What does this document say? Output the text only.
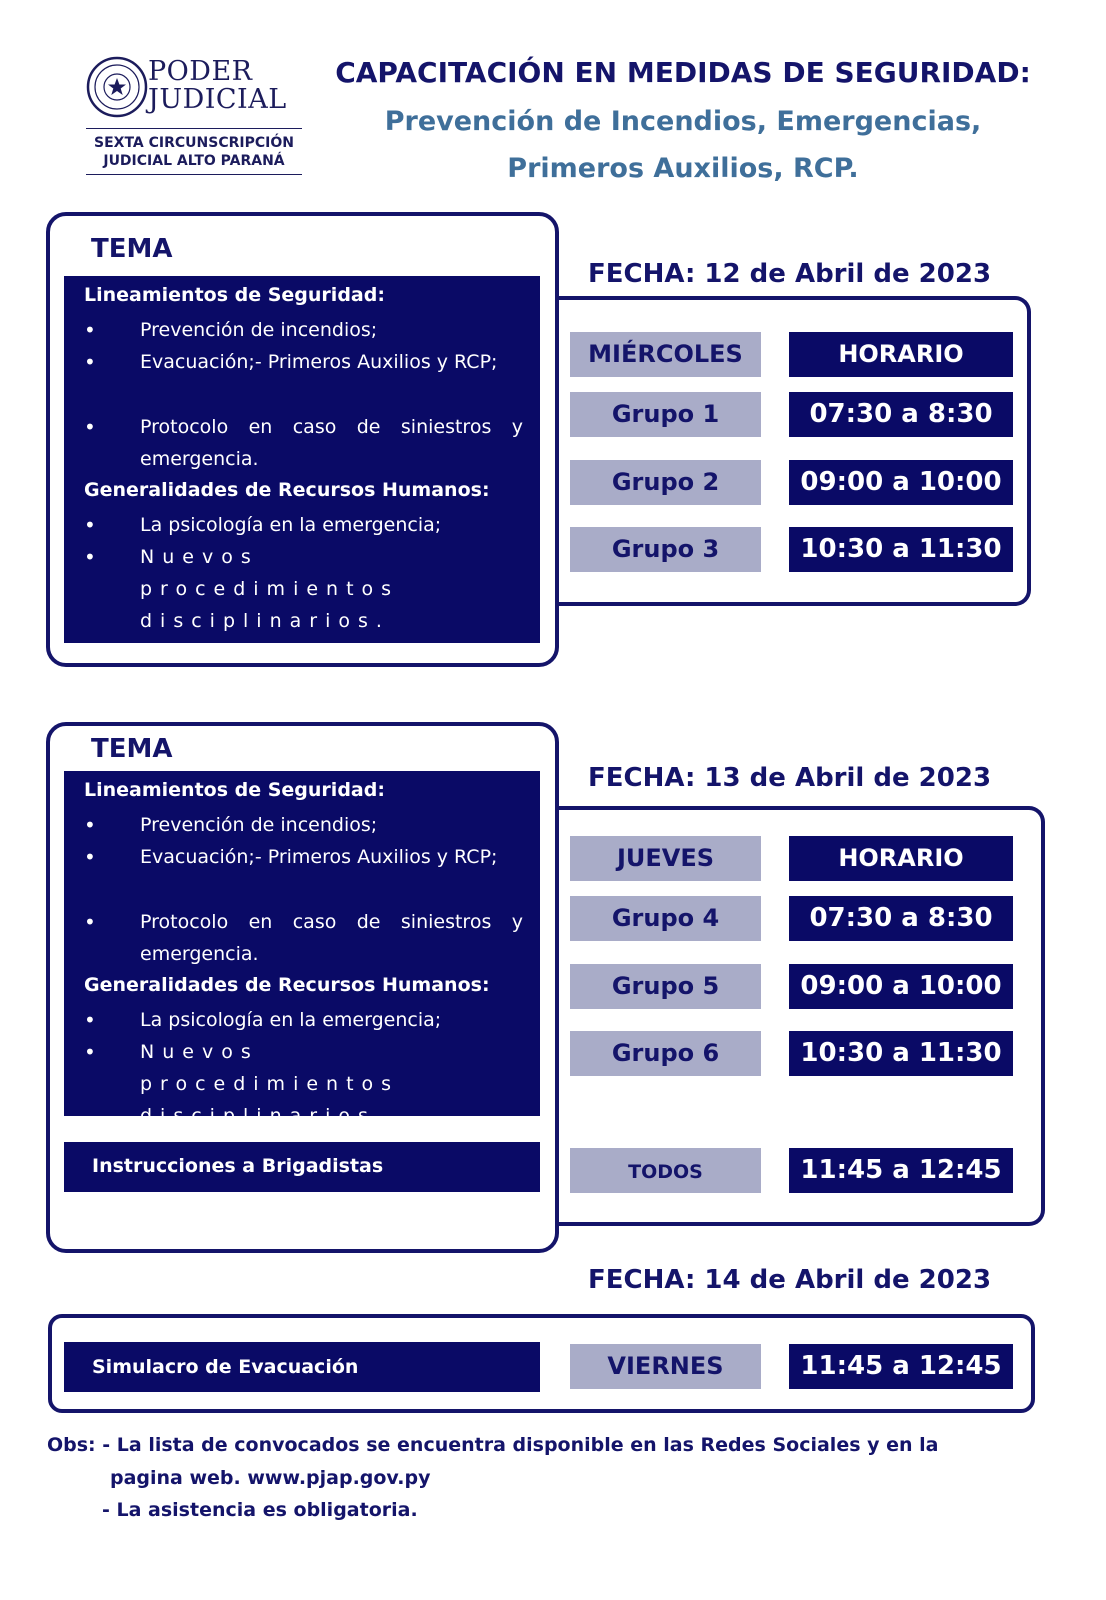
PODER
JUDICIAL
SEXTA CIRCUNSCRIPCIÓN
JUDICIAL ALTO PARANÁ
CAPACITACIÓN EN MEDIDAS DE SEGURIDAD:
Prevención de Incendios, Emergencias,
Primeros Auxilios, RCP.
TEMA
Lineamientos de Seguridad:
• Prevención de incendios;
• Evacuación;- Primeros Auxilios y RCP;
• Protocolo en caso de siniestros y emergencia.
Generalidades de Recursos Humanos:
• La psicología en la emergencia;
• Nuevos procedimientos disciplinarios.
FECHA: 12 de Abril de 2023
MIÉRCOLES	HORARIO
Grupo 1	07:30 a 8:30
Grupo 2	09:00 a 10:00
Grupo 3	10:30 a 11:30
TEMA
Lineamientos de Seguridad:
• Prevención de incendios;
• Evacuación;- Primeros Auxilios y RCP;
• Protocolo en caso de siniestros y emergencia.
Generalidades de Recursos Humanos:
• La psicología en la emergencia;
• Nuevos procedimientos disciplinarios.
Instrucciones a Brigadistas
FECHA: 13 de Abril de 2023
JUEVES	HORARIO
Grupo 4	07:30 a 8:30
Grupo 5	09:00 a 10:00
Grupo 6	10:30 a 11:30
TODOS	11:45 a 12:45
FECHA: 14 de Abril de 2023
Simulacro de Evacuación	VIERNES	11:45 a 12:45
Obs: - La lista de convocados se encuentra disponible en las Redes Sociales y en la
pagina web. www.pjap.gov.py
- La asistencia es obligatoria.
